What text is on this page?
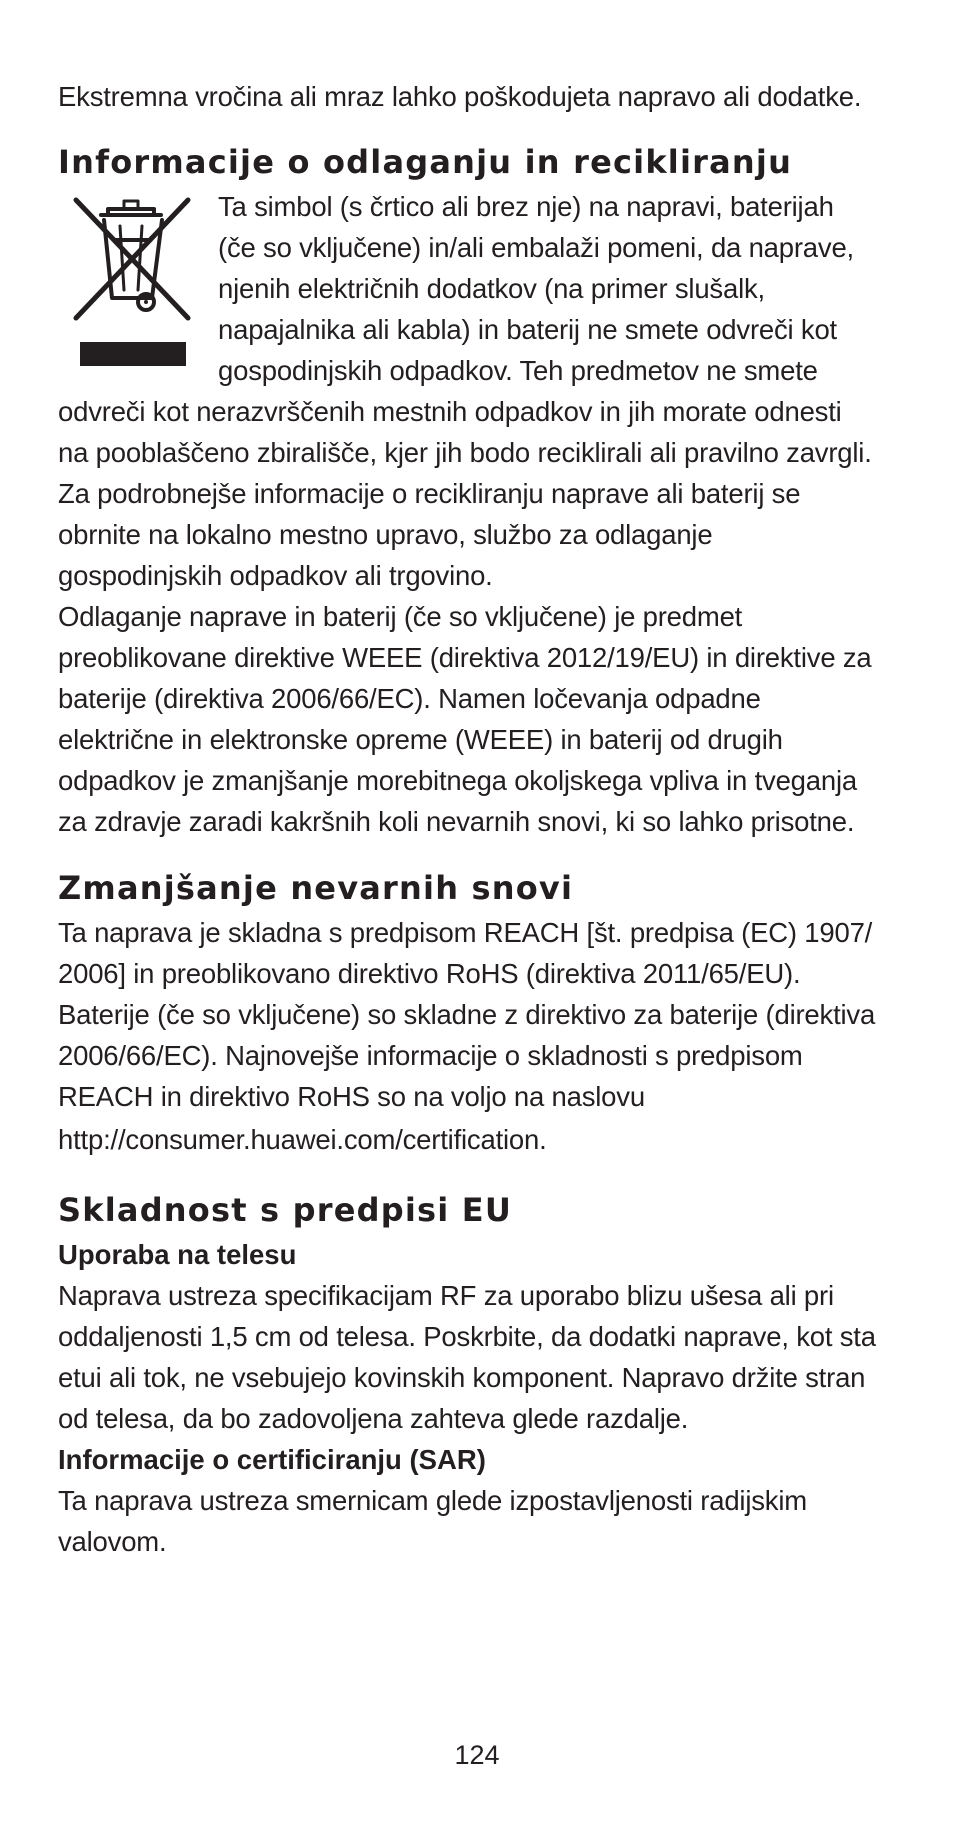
Ekstremna vročina ali mraz lahko poškodujeta napravo ali dodatke.

Informacije o odlaganju in recikliranju

Ta simbol (s črtico ali brez nje) na napravi, baterijah (če so vključene) in/ali embalaži pomeni, da naprave, njenih električnih dodatkov (na primer slušalk, napajalnika ali kabla) in baterij ne smete odvreči kot gospodinjskih odpadkov. Teh predmetov ne smete odvreči kot nerazvrščenih mestnih odpadkov in jih morate odnesti na pooblaščeno zbirališče, kjer jih bodo reciklirali ali pravilno zavrgli.

Za podrobnejše informacije o recikliranju naprave ali baterij se obrnite na lokalno mestno upravo, službo za odlaganje gospodinjskih odpadkov ali trgovino.

Odlaganje naprave in baterij (če so vključene) je predmet preoblikovane direktive WEEE (direktiva 2012/19/EU) in direktive za baterije (direktiva 2006/66/EC). Namen ločevanja odpadne električne in elektronske opreme (WEEE) in baterij od drugih odpadkov je zmanjšanje morebitnega okoljskega vpliva in tveganja za zdravje zaradi kakršnih koli nevarnih snovi, ki so lahko prisotne.

Zmanjšanje nevarnih snovi

Ta naprava je skladna s predpisom REACH [št. predpisa (EC) 1907/ 2006] in preoblikovano direktivo RoHS (direktiva 2011/65/EU). Baterije (če so vključene) so skladne z direktivo za baterije (direktiva 2006/66/EC). Najnovejše informacije o skladnosti s predpisom REACH in direktivo RoHS so na voljo na naslovu

http://consumer.huawei.com/certification.

Skladnost s predpisi EU
Uporaba na telesu

Naprava ustreza specifikacijam RF za uporabo blizu ušesa ali pri oddaljenosti 1,5 cm od telesa. Poskrbite, da dodatki naprave, kot sta etui ali tok, ne vsebujejo kovinskih komponent. Napravo držite stran od telesa, da bo zadovoljena zahteva glede razdalje.

Informacije o certificiranju (SAR)

Ta naprava ustreza smernicam glede izpostavljenosti radijskim valovom.

124
